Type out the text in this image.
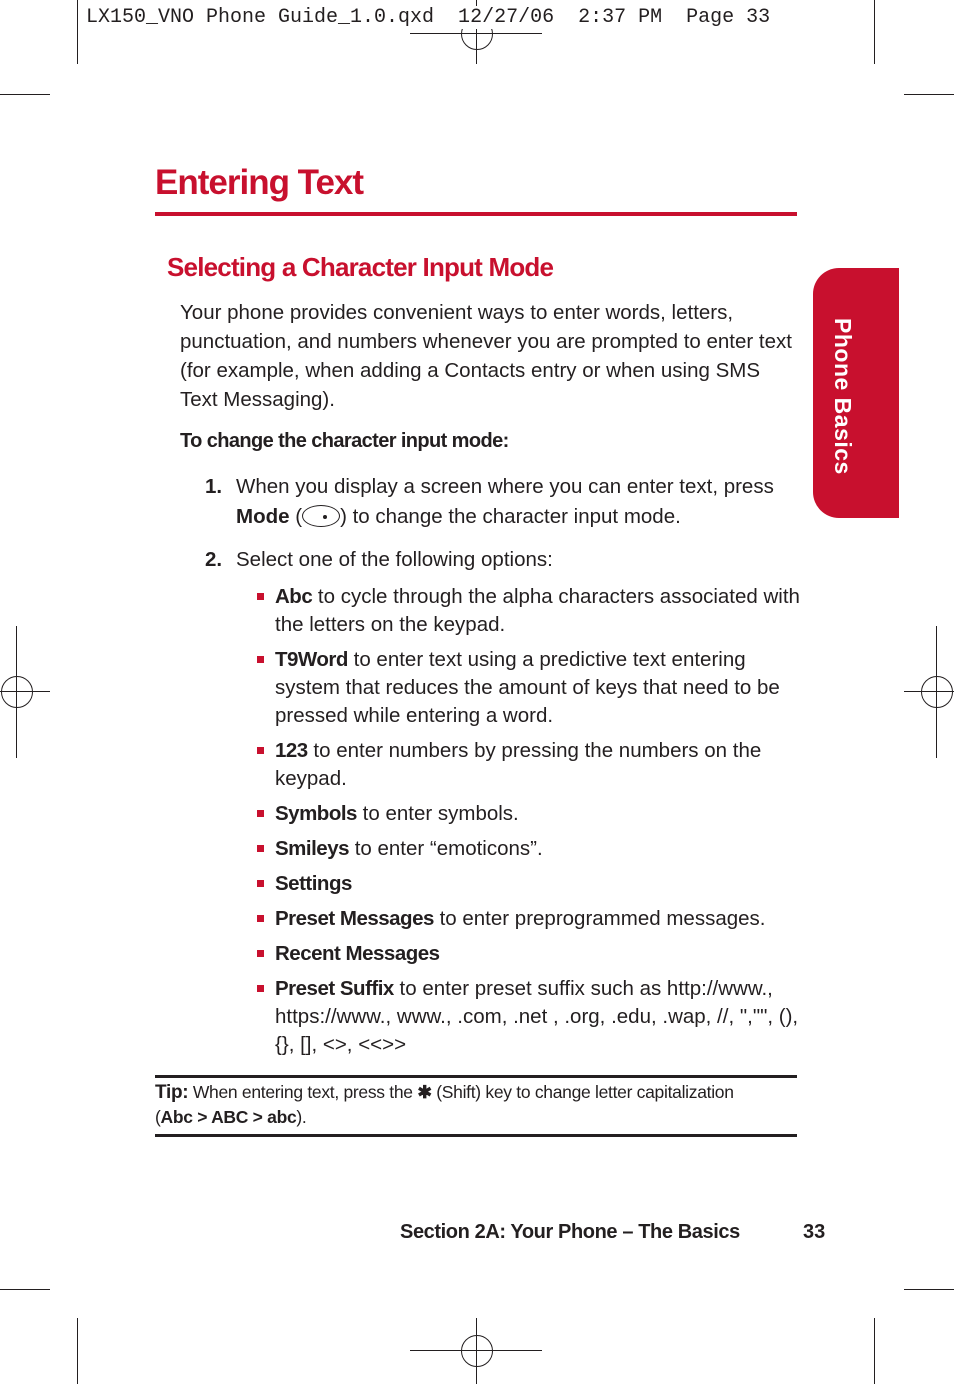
LX150_VNO Phone Guide_1.0.qxd  12/27/06  2:37 PM  Page 33
Entering Text
Selecting a Character Input Mode

Your phone provides convenient ways to enter words, letters, punctuation, and numbers whenever you are prompted to enter text (for example, when adding a Contacts entry or when using SMS Text Messaging).

To change the character input mode:

1. When you display a screen where you can enter text, press Mode ( ) to change the character input mode.
2. Select one of the following options:
Abc to cycle through the alpha characters associated with the letters on the keypad.
T9Word to enter text using a predictive text entering system that reduces the amount of keys that need to be pressed while entering a word.
123 to enter numbers by pressing the numbers on the keypad.
Symbols to enter symbols.
Smileys to enter “emoticons”.
Settings
Preset Messages to enter preprogrammed messages.
Recent Messages
Preset Suffix to enter preset suffix such as http://www., https://www., www., .com, .net , .org, .edu, .wap, //, ","", (), {}, [], <>, <<>>

Tip: When entering text, press the ✱ (Shift) key to change letter capitalization (Abc > ABC > abc).

Phone Basics
Section 2A: Your Phone – The Basics	33
